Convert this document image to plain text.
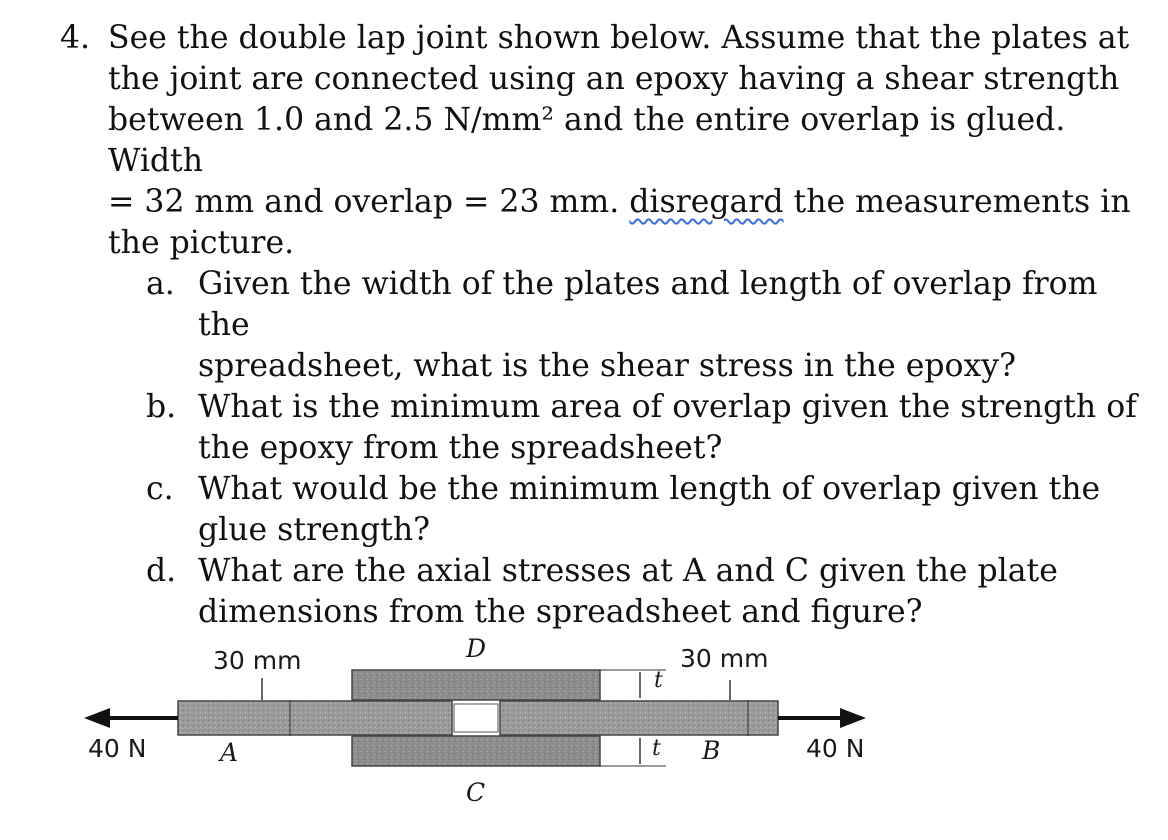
4. See the double lap joint shown below. Assume that the plates at
the joint are connected using an epoxy having a shear strength
between 1.0 and 2.5 N/mm² and the entire overlap is glued. Width
= 32 mm and overlap = 23 mm. disregard the measurements in
the picture.
a. Given the width of the plates and length of overlap from the
spreadsheet, what is the shear stress in the epoxy?
b. What is the minimum area of overlap given the strength of
the epoxy from the spreadsheet?
c. What would be the minimum length of overlap given the
glue strength?
d. What are the axial stresses at A and C given the plate
dimensions from the spreadsheet and figure?
30 mm	D	30 mm
t
40 N	A	t B	40 N
C
